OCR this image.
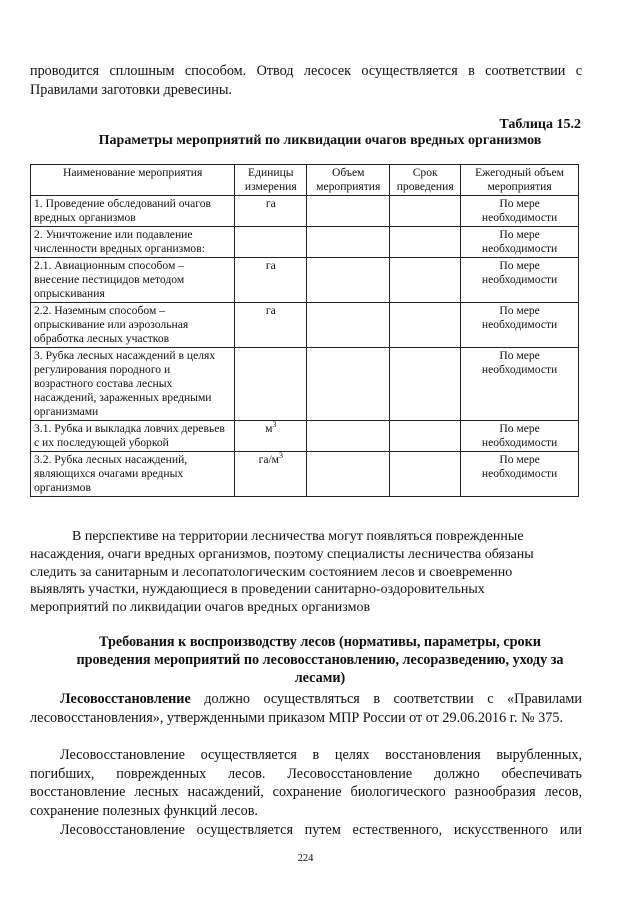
проводится сплошным способом. Отвод лесосек осуществляется в соответствии с
Правилами заготовки древесины.
Таблица 15.2
Параметры мероприятий по ликвидации очагов вредных организмов
Наименование мероприятия	Единицы измерения	Объем мероприятия	Срок проведения	Ежегодный объем мероприятия
1. Проведение обследований очагов вредных организмов	га			По мере необходимости
2. Уничтожение или подавление численности вредных организмов:				По мере необходимости
2.1. Авиационным способом – внесение пестицидов методом опрыскивания	га			По мере необходимости
2.2. Наземным способом – опрыскивание или аэрозольная обработка лесных участков	га			По мере необходимости
3. Рубка лесных насаждений в целях регулирования породного и возрастного состава лесных насаждений, зараженных вредными организмами				По мере необходимости
3.1. Рубка и выкладка ловчих деревьев с их последующей уборкой	$м^3$			По мере необходимости
3.2. Рубка лесных насаждений, являющихся очагами вредных организмов	$га/м^3$			По мере необходимости
В перспективе на территории лесничества могут появляться поврежденные
насаждения, очаги вредных организмов, поэтому специалисты лесничества обязаны
следить за санитарным и лесопатологическим состоянием лесов и своевременно
выявлять участки, нуждающиеся в проведении санитарно-оздоровительных
мероприятий по ликвидации очагов вредных организмов
Требования к воспроизводству лесов (нормативы, параметры, сроки
проведения мероприятий по лесовосстановлению, лесоразведению, уходу за
лесами)
Лесовосстановление должно осуществляться в соответствии с «Правилами лесовосстановления», утвержденными приказом МПР России от от 29.06.2016 г. № 375.
Лесовосстановление осуществляется в целях восстановления вырубленных, погибших, поврежденных лесов. Лесовосстановление должно обеспечивать восстановление лесных насаждений, сохранение биологического разнообразия лесов, сохранение полезных функций лесов.
Лесовосстановление осуществляется путем естественного, искусственного или
224
